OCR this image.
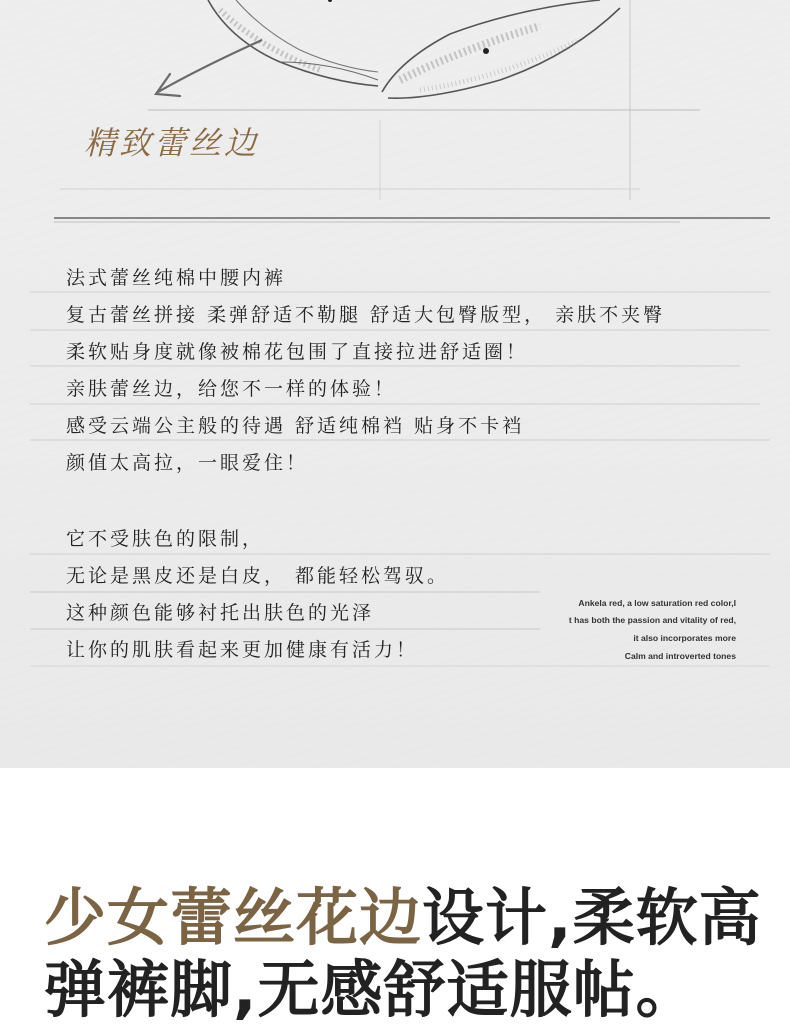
精致蕾丝边
法式蕾丝纯棉中腰内裤
复古蕾丝拼接 柔弹舒适不勒腿 舒适大包臀版型， 亲肤不夹臀
柔软贴身度就像被棉花包围了直接拉进舒适圈！
亲肤蕾丝边，给您不一样的体验！
感受云端公主般的待遇 舒适纯棉裆 贴身不卡裆
颜值太高拉，一眼爱住！
它不受肤色的限制，
无论是黑皮还是白皮， 都能轻松驾驭。
这种颜色能够衬托出肤色的光泽
让你的肌肤看起来更加健康有活力！
Ankela red, a low saturation red color,I
t has both the passion and vitality of red,
it also incorporates more
Calm and introverted tones
少女蕾丝花边设计,柔软高
弹裤脚,无感舒适服帖。
